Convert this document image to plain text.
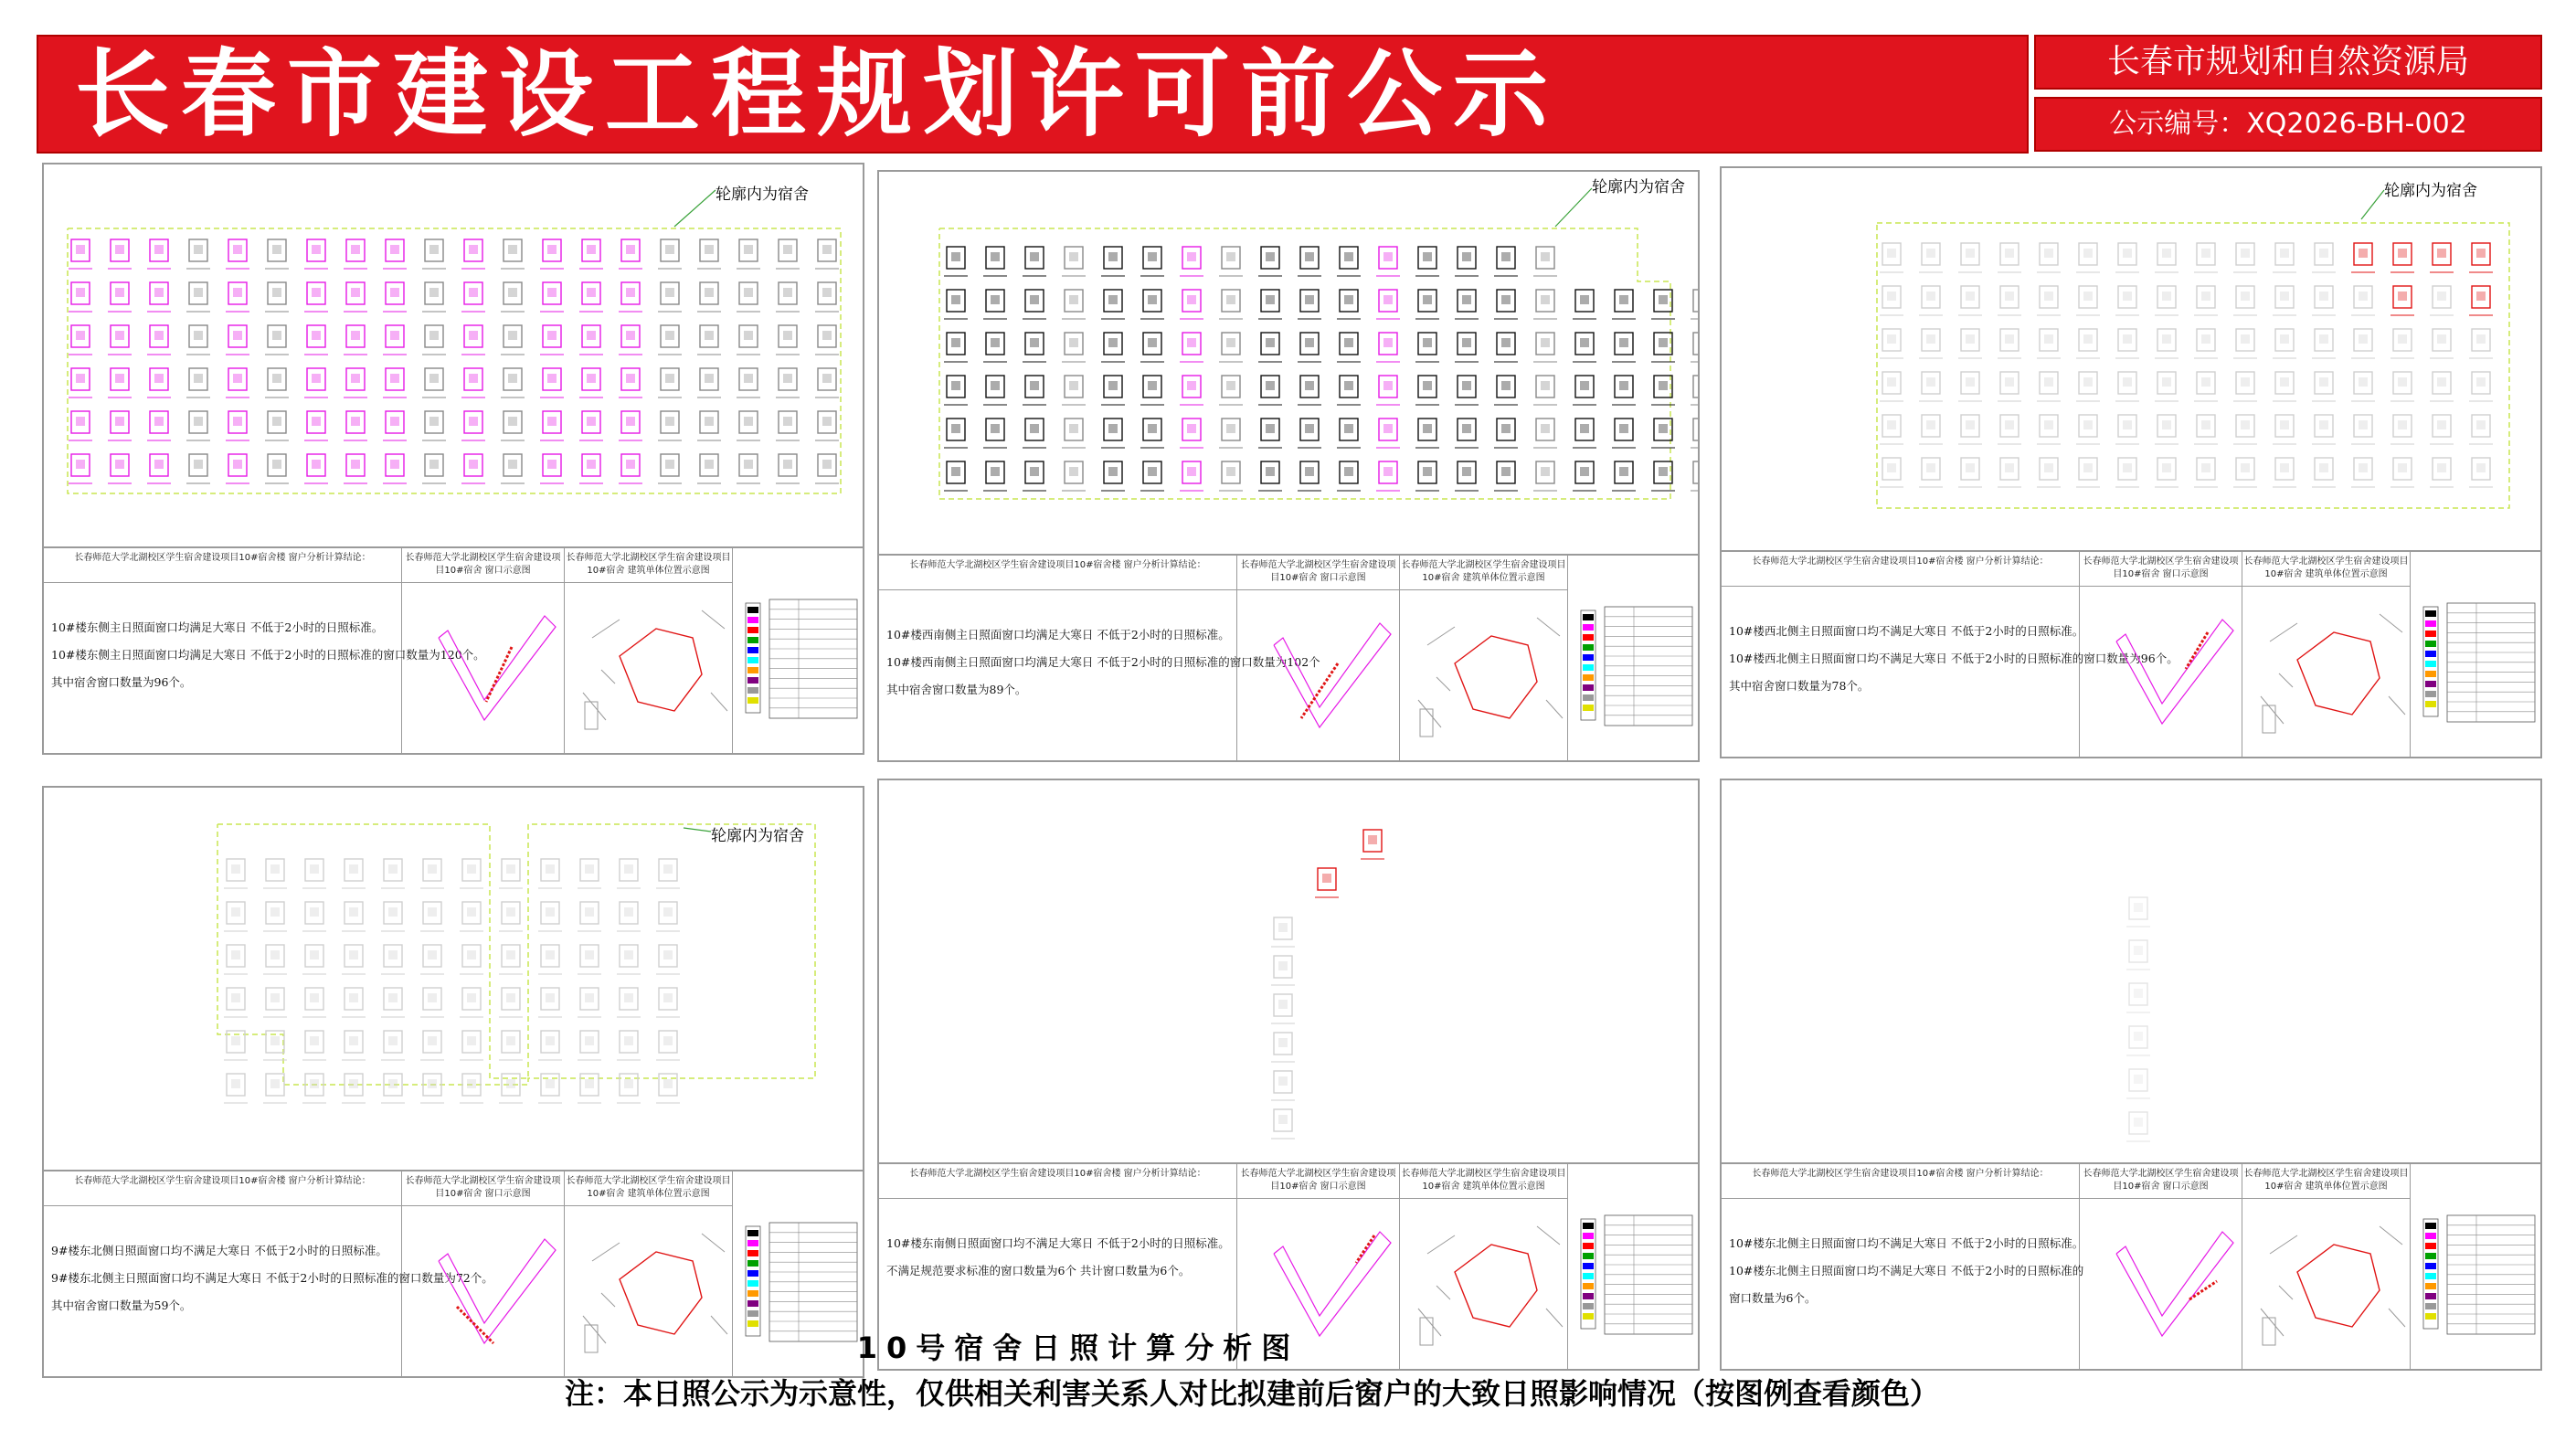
长春市建设工程规划许可前公示	长春市规划和自然资源局
公示编号：XQ2026-BH-002
轮廓内为宿舍
长春师范大学北湖校区学生宿舍建设项目10#宿舍楼 窗户分析计算结论：
10#楼东侧主日照面窗口均满足大寒日 不低于2小时的日照标准。
10#楼东侧主日照面窗口均满足大寒日 不低于2小时的日照标准的窗口数量为120个。
其中宿舍窗口数量为96个。
长春师范大学北湖校区学生宿舍建设项目10#宿舍 窗口示意图
长春师范大学北湖校区学生宿舍建设项目10#宿舍 建筑单体位置示意图
轮廓内为宿舍
长春师范大学北湖校区学生宿舍建设项目10#宿舍楼 窗户分析计算结论：
10#楼西南侧主日照面窗口均满足大寒日 不低于2小时的日照标准。
10#楼西南侧主日照面窗口均满足大寒日 不低于2小时的日照标准的窗口数量为102个
其中宿舍窗口数量为89个。
长春师范大学北湖校区学生宿舍建设项目10#宿舍 窗口示意图
长春师范大学北湖校区学生宿舍建设项目10#宿舍 建筑单体位置示意图
轮廓内为宿舍
长春师范大学北湖校区学生宿舍建设项目10#宿舍楼 窗户分析计算结论：
10#楼西北侧主日照面窗口均不满足大寒日 不低于2小时的日照标准。
10#楼西北侧主日照面窗口均不满足大寒日 不低于2小时的日照标准的窗口数量为96个。
其中宿舍窗口数量为78个。
长春师范大学北湖校区学生宿舍建设项目10#宿舍 窗口示意图
长春师范大学北湖校区学生宿舍建设项目10#宿舍 建筑单体位置示意图
轮廓内为宿舍
长春师范大学北湖校区学生宿舍建设项目10#宿舍楼 窗户分析计算结论：
9#楼东北侧日照面窗口均不满足大寒日 不低于2小时的日照标准。
9#楼东北侧主日照面窗口均不满足大寒日 不低于2小时的日照标准的窗口数量为72个。
其中宿舍窗口数量为59个。
长春师范大学北湖校区学生宿舍建设项目10#宿舍 窗口示意图
长春师范大学北湖校区学生宿舍建设项目10#宿舍 建筑单体位置示意图
长春师范大学北湖校区学生宿舍建设项目10#宿舍楼 窗户分析计算结论：
10#楼东南侧日照面窗口均不满足大寒日 不低于2小时的日照标准。
不满足规范要求标准的窗口数量为6个 共计窗口数量为6个。
长春师范大学北湖校区学生宿舍建设项目10#宿舍 窗口示意图
长春师范大学北湖校区学生宿舍建设项目10#宿舍 建筑单体位置示意图
长春师范大学北湖校区学生宿舍建设项目10#宿舍楼 窗户分析计算结论：
10#楼东北侧主日照面窗口均不满足大寒日 不低于2小时的日照标准。
10#楼东北侧主日照面窗口均不满足大寒日 不低于2小时的日照标准的
窗口数量为6个。
长春师范大学北湖校区学生宿舍建设项目10#宿舍 窗口示意图
长春师范大学北湖校区学生宿舍建设项目10#宿舍 建筑单体位置示意图
10号宿舍日照计算分析图
注：本日照公示为示意性，仅供相关利害关系人对比拟建前后窗户的大致日照影响情况（按图例查看颜色）
